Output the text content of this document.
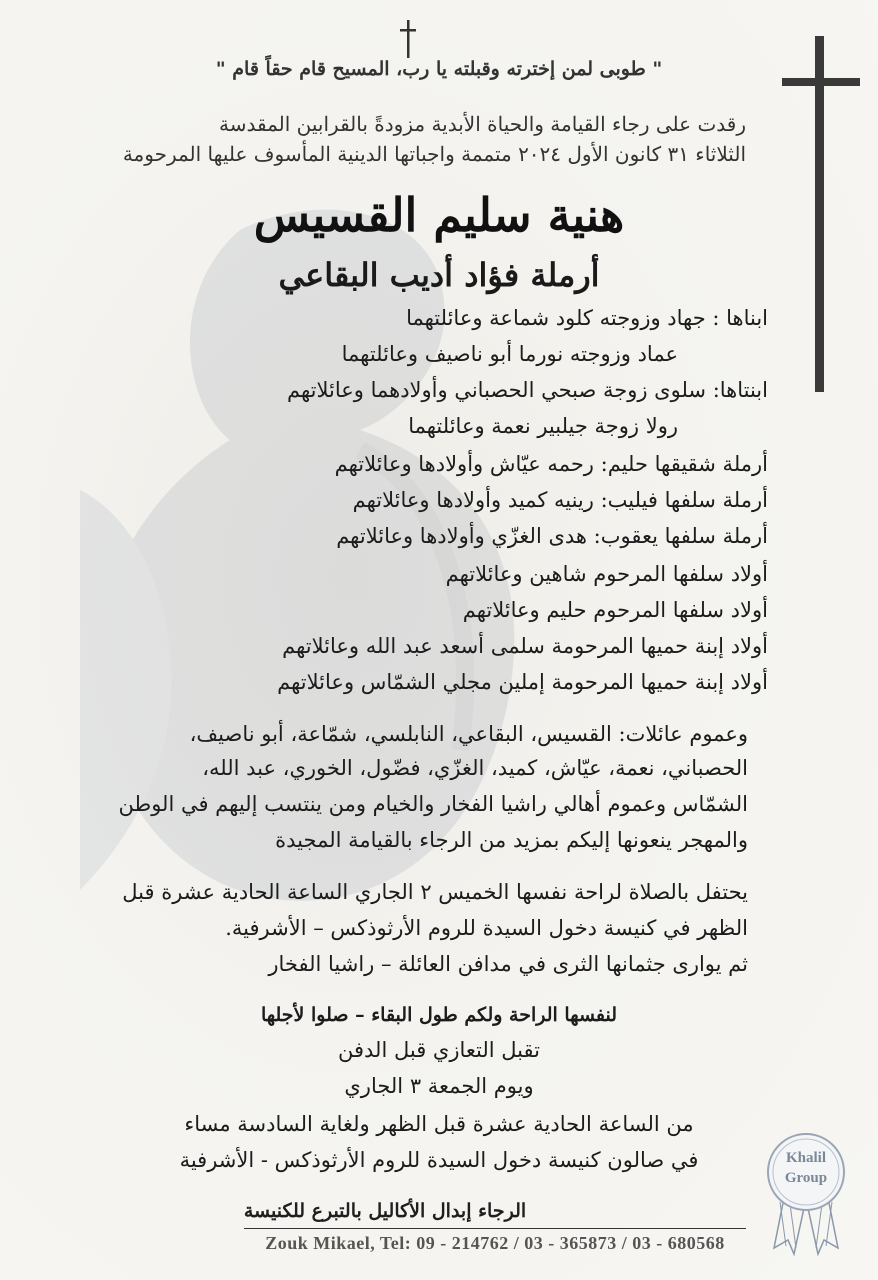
" طوبى لمن إخترته وقبلته يا رب، المسيح قام حقاً قام "
رقدت على رجاء القيامة والحياة الأبدية مزودةً بالقرابين المقدسة
الثلاثاء ٣١ كانون الأول ٢٠٢٤ متممة واجباتها الدينية المأسوف عليها المرحومة
هنية سليم القسيس
أرملة فؤاد أديب البقاعي
ابناها : جهاد وزوجته كلود شماعة وعائلتهما
عماد وزوجته نورما أبو ناصيف وعائلتهما
ابنتاها: سلوى زوجة صبحي الحصباني وأولادهما وعائلاتهم
رولا زوجة جيلبير نعمة وعائلتهما
أرملة شقيقها حليم: رحمه عيّاش وأولادها وعائلاتهم
أرملة سلفها فيليب: رينيه كميد وأولادها وعائلاتهم
أرملة سلفها يعقوب: هدى الغزّي وأولادها وعائلاتهم
أولاد سلفها المرحوم شاهين وعائلاتهم
أولاد سلفها المرحوم حليم وعائلاتهم
أولاد إبنة حميها المرحومة سلمى أسعد عبد الله وعائلاتهم
أولاد إبنة حميها المرحومة إملين مجلي الشمّاس وعائلاتهم
وعموم عائلات: القسيس، البقاعي، النابلسي، شمّاعة، أبو ناصيف،
الحصباني، نعمة، عيّاش، كميد، الغزّي، فضّول، الخوري، عبد الله،
الشمّاس وعموم أهالي راشيا الفخار والخيام ومن ينتسب إليهم في الوطن
والمهجر ينعونها إليكم بمزيد من الرجاء بالقيامة المجيدة
يحتفل بالصلاة لراحة نفسها الخميس ٢ الجاري الساعة الحادية عشرة قبل
الظهر في كنيسة دخول السيدة للروم الأرثوذكس – الأشرفية.
ثم يوارى جثمانها الثرى في مدافن العائلة – راشيا الفخار
لنفسها الراحة ولكم طول البقاء – صلوا لأجلها
تقبل التعازي قبل الدفن
ويوم الجمعة ٣ الجاري
من الساعة الحادية عشرة قبل الظهر ولغاية السادسة مساء
في صالون كنيسة دخول السيدة للروم الأرثوذكس - الأشرفية
الرجاء إبدال الأكاليل بالتبرع للكنيسة
Zouk Mikael, Tel: 09 - 214762 / 03 - 365873 / 03 - 680568
Khalil
Group
